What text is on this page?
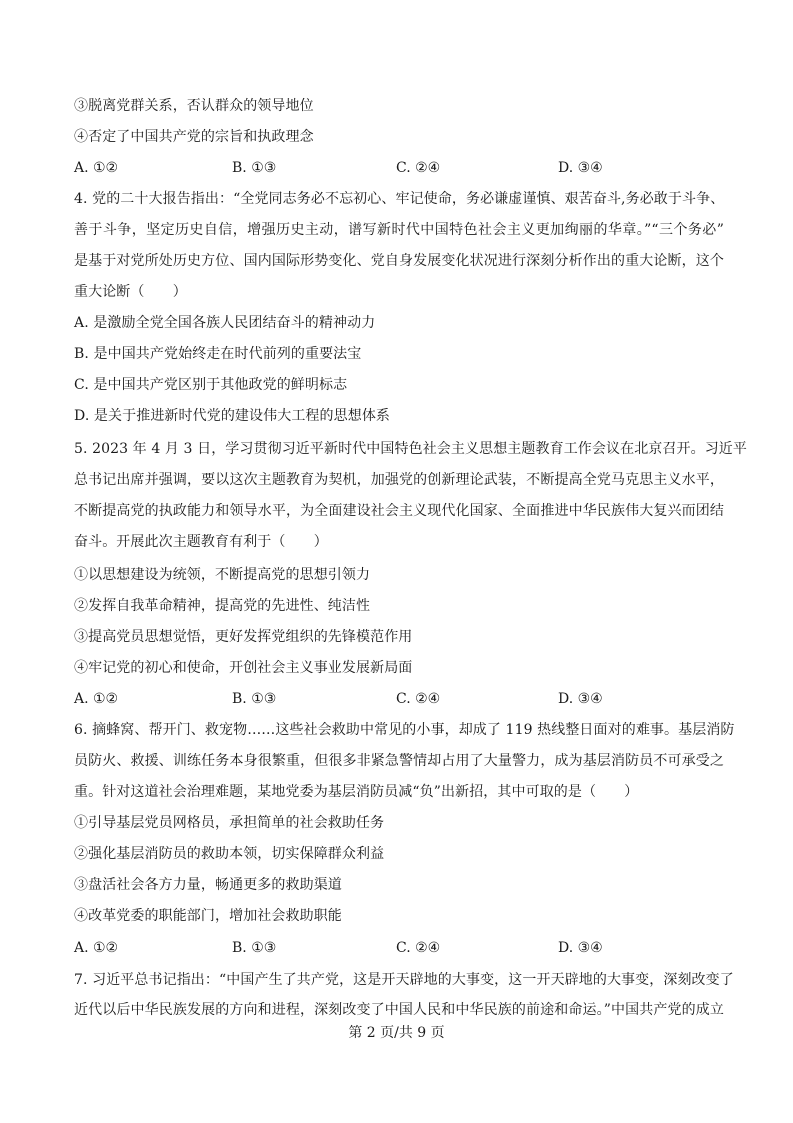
③脱离党群关系，否认群众的领导地位
④否定了中国共产党的宗旨和执政理念
A. ①②	B. ①③	C. ②④	D. ③④
4. 党的二十大报告指出：“全党同志务必不忘初心、牢记使命，务必谦虚谨慎、艰苦奋斗,务必敢于斗争、
善于斗争，坚定历史自信，增强历史主动，谱写新时代中国特色社会主义更加绚丽的华章。”“三个务必”
是基于对党所处历史方位、国内国际形势变化、党自身发展变化状况进行深刻分析作出的重大论断，这个
重大论断（　　）
A. 是激励全党全国各族人民团结奋斗的精神动力
B. 是中国共产党始终走在时代前列的重要法宝
C. 是中国共产党区别于其他政党的鲜明标志
D. 是关于推进新时代党的建设伟大工程的思想体系
5. 2023 年 4 月 3 日，学习贯彻习近平新时代中国特色社会主义思想主题教育工作会议在北京召开。习近平
总书记出席并强调，要以这次主题教育为契机，加强党的创新理论武装，不断提高全党马克思主义水平，
不断提高党的执政能力和领导水平，为全面建设社会主义现代化国家、全面推进中华民族伟大复兴而团结
奋斗。开展此次主题教育有利于（　　）
①以思想建设为统领，不断提高党的思想引领力
②发挥自我革命精神，提高党的先进性、纯洁性
③提高党员思想觉悟，更好发挥党组织的先锋模范作用
④牢记党的初心和使命，开创社会主义事业发展新局面
A. ①②	B. ①③	C. ②④	D. ③④
6. 摘蜂窝、帮开门、救宠物……这些社会救助中常见的小事，却成了 119 热线整日面对的难事。基层消防
员防火、救援、训练任务本身很繁重，但很多非紧急警情却占用了大量警力，成为基层消防员不可承受之
重。针对这道社会治理难题，某地党委为基层消防员减“负”出新招，其中可取的是（　　）
①引导基层党员网格员，承担简单的社会救助任务
②强化基层消防员的救助本领，切实保障群众利益
③盘活社会各方力量，畅通更多的救助渠道
④改革党委的职能部门，增加社会救助职能
A. ①②	B. ①③	C. ②④	D. ③④
7. 习近平总书记指出：“中国产生了共产党，这是开天辟地的大事变，这一开天辟地的大事变，深刻改变了
近代以后中华民族发展的方向和进程，深刻改变了中国人民和中华民族的前途和命运。”中国共产党的成立
第 2 页/共 9 页
